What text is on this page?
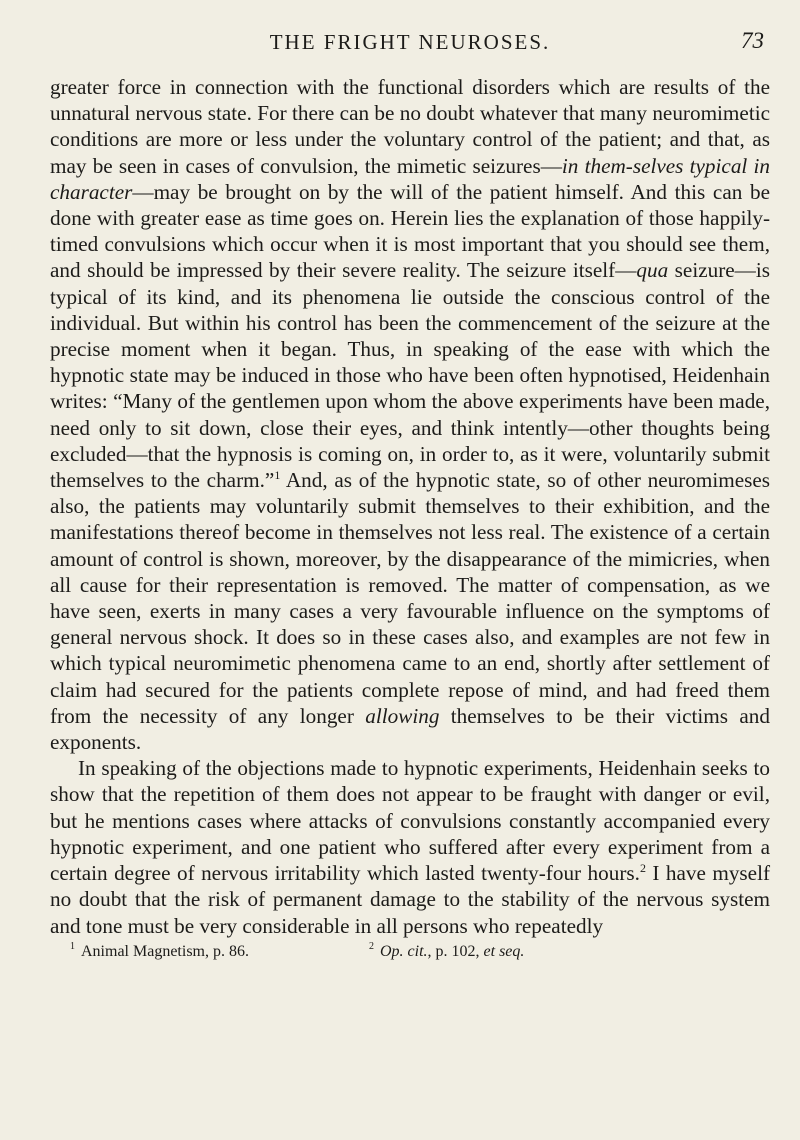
THE FRIGHT NEUROSES.	73

greater force in connection with the functional disorders which are results of the unnatural nervous state. For there can be no doubt whatever that many neuromimetic conditions are more or less under the voluntary control of the patient; and that, as may be seen in cases of convulsion, the mimetic seizures—in them-selves typical in character—may be brought on by the will of the patient himself. And this can be done with greater ease as time goes on. Herein lies the explanation of those happily-timed convulsions which occur when it is most important that you should see them, and should be impressed by their severe reality. The seizure itself—qua seizure—is typical of its kind, and its phenomena lie outside the conscious control of the individual. But within his control has been the commencement of the seizure at the precise moment when it began. Thus, in speaking of the ease with which the hypnotic state may be induced in those who have been often hypnotised, Heidenhain writes: “Many of the gentlemen upon whom the above experiments have been made, need only to sit down, close their eyes, and think intently—other thoughts being excluded—that the hypnosis is coming on, in order to, as it were, voluntarily submit themselves to the charm.”$^1$ And, as of the hypnotic state, so of other neuromimeses also, the patients may voluntarily submit themselves to their exhibition, and the manifestations thereof become in themselves not less real. The existence of a certain amount of control is shown, moreover, by the disappearance of the mimicries, when all cause for their representation is removed. The matter of compensation, as we have seen, exerts in many cases a very favourable influence on the symptoms of general nervous shock. It does so in these cases also, and examples are not few in which typical neuromimetic phenomena came to an end, shortly after settlement of claim had secured for the patients complete repose of mind, and had freed them from the necessity of any longer allowing themselves to be their victims and exponents.

In speaking of the objections made to hypnotic experiments, Heidenhain seeks to show that the repetition of them does not appear to be fraught with danger or evil, but he mentions cases where attacks of convulsions constantly accompanied every hypnotic experiment, and one patient who suffered after every experiment from a certain degree of nervous irritability which lasted twenty-four hours.$^2$ I have myself no doubt that the risk of permanent damage to the stability of the nervous system and tone must be very considerable in all persons who repeatedly

$^1$ Animal Magnetism, p. 86.	$^2$ Op. cit., p. 102, et seq.
